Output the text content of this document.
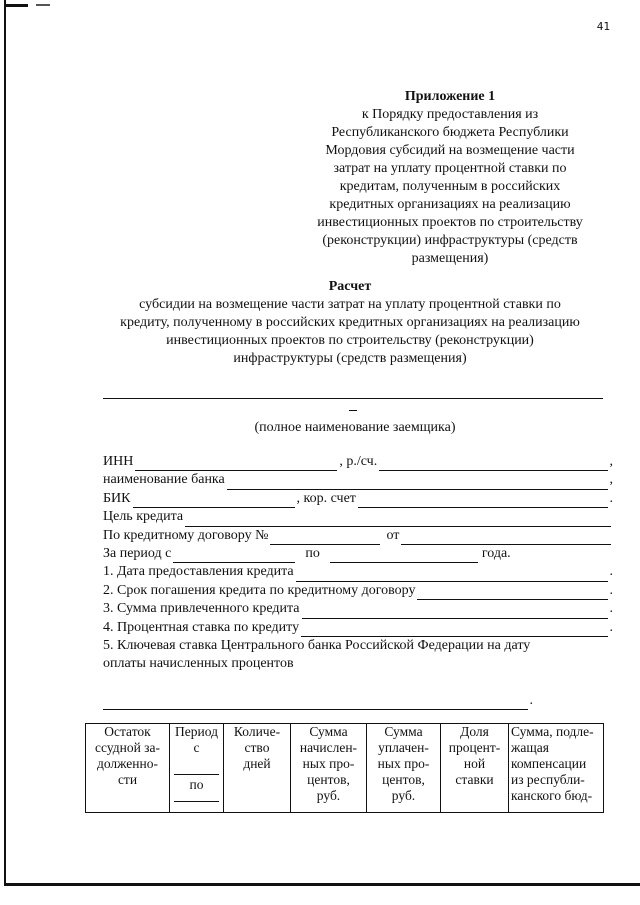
41
Приложение 1
к Порядку предоставления из
Республиканского бюджета Республики
Мордовия субсидий на возмещение части
затрат на уплату процентной ставки по
кредитам, полученным в российских
кредитных организациях на реализацию
инвестиционных проектов по строительству
(реконструкции) инфраструктуры (средств
размещения)
Расчет
субсидии на возмещение части затрат на уплату процентной ставки по
кредиту, полученному в российских кредитных организациях на реализацию
инвестиционных проектов по строительству (реконструкции)
инфраструктуры (средств размещения)
(полное наименование заемщика)
ИНН	, р./сч.	,
наименование банка	,
БИК	, кор. счет	.
Цель кредита
По кредитному договору №	от
За период с	по	года.
1. Дата предоставления кредита	.
2. Срок погашения кредита по кредитному договору	.
3. Сумма привлеченного кредита	.
4. Процентная ставка по кредиту	.
5. Ключевая ставка Центрального банка Российской Федерации на дату
оплаты начисленных процентов
.
Остаток
ссудной за-
долженно-
сти

Период с
по

Количе-
ство
дней

Сумма
начислен-
ных про-
центов,
руб.

Сумма
уплачен-
ных про-
центов,
руб.

Доля
процент-
ной
ставки

Сумма, подле-
жащая
компенсации
из республи-
канского бюд-
